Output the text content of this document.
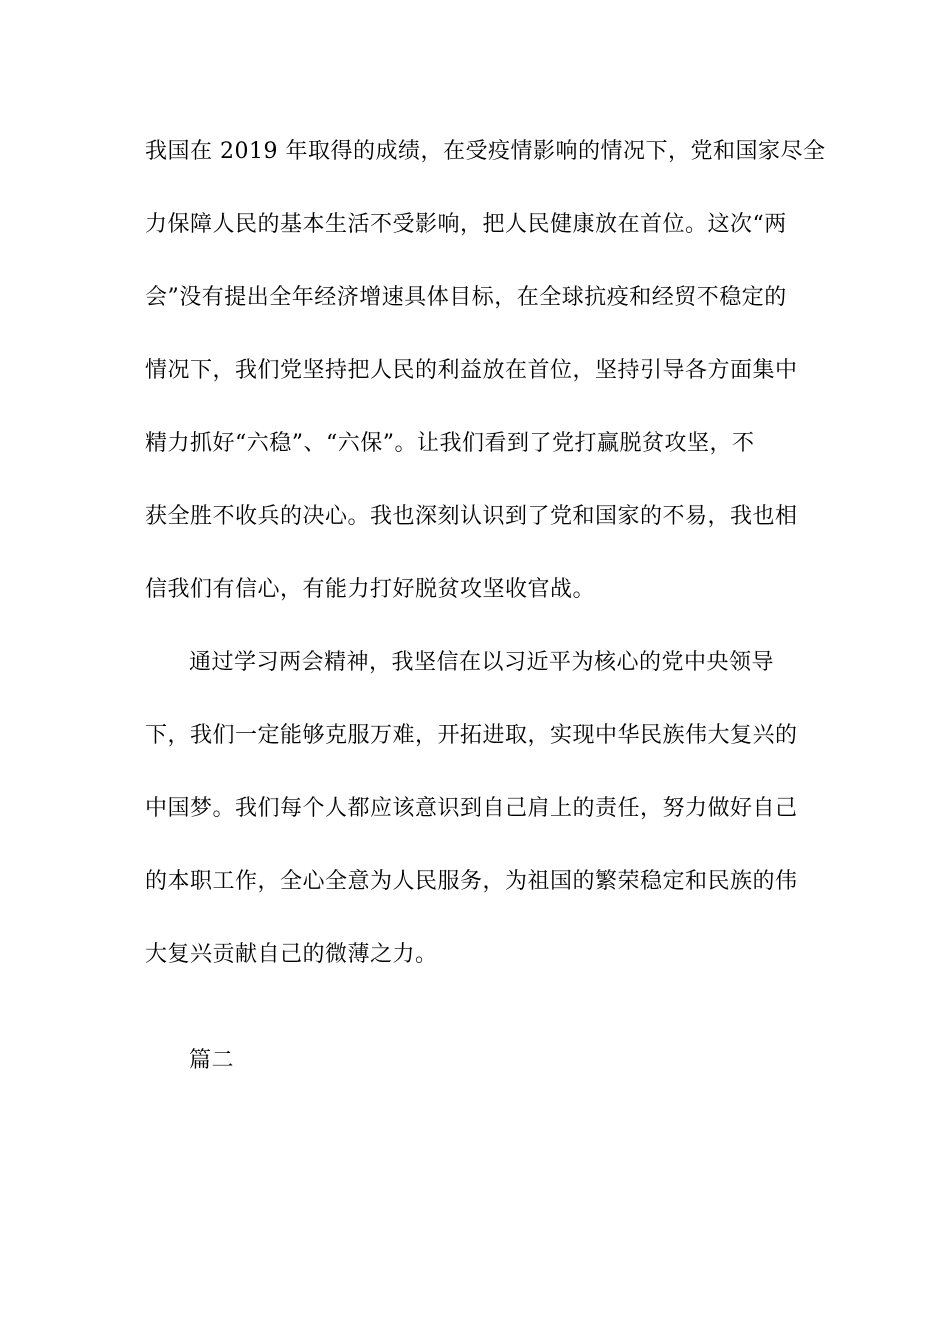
我国在 2019 年取得的成绩，在受疫情影响的情况下，党和国家尽全
力保障人民的基本生活不受影响，把人民健康放在首位。这次“两
会”没有提出全年经济增速具体目标，在全球抗疫和经贸不稳定的
情况下，我们党坚持把人民的利益放在首位，坚持引导各方面集中
精力抓好“六稳”、“六保”。让我们看到了党打赢脱贫攻坚，不
获全胜不收兵的决心。我也深刻认识到了党和国家的不易，我也相
信我们有信心，有能力打好脱贫攻坚收官战。
通过学习两会精神，我坚信在以习近平为核心的党中央领导
下，我们一定能够克服万难，开拓进取，实现中华民族伟大复兴的
中国梦。我们每个人都应该意识到自己肩上的责任，努力做好自己
的本职工作，全心全意为人民服务，为祖国的繁荣稳定和民族的伟
大复兴贡献自己的微薄之力。
篇二
